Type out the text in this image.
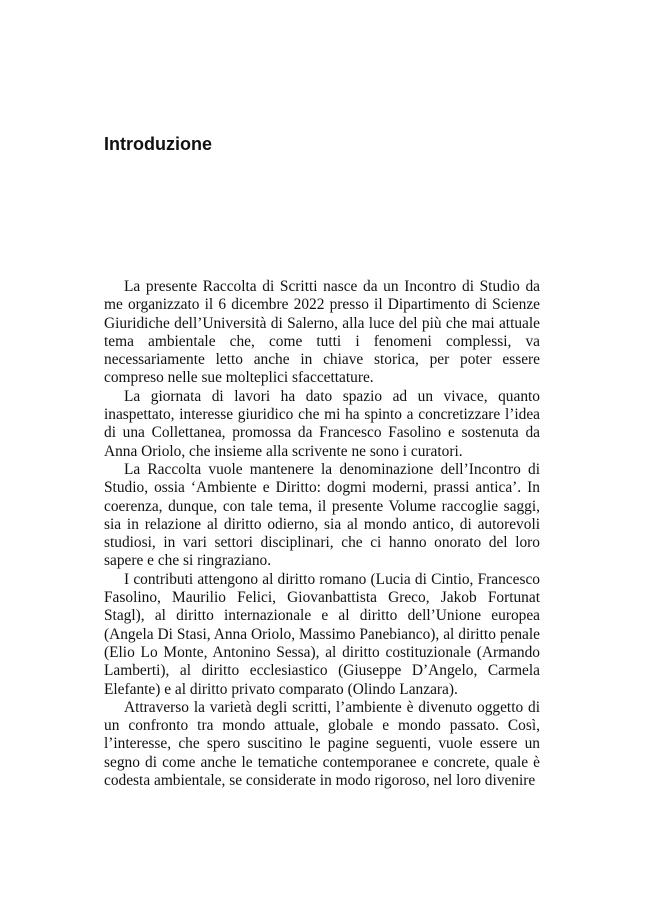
Introduzione

La presente Raccolta di Scritti nasce da un Incontro di Studio da me organizzato il 6 dicembre 2022 presso il Dipartimento di Scienze Giuridiche dell’Università di Salerno, alla luce del più che mai attuale tema ambientale che, come tutti i fenomeni complessi, va necessariamente letto anche in chiave storica, per poter essere compreso nelle sue molteplici sfaccettature.

La giornata di lavori ha dato spazio ad un vivace, quanto inaspettato, interesse giuridico che mi ha spinto a concretizzare l’idea di una Collettanea, promossa da Francesco Fasolino e sostenuta da Anna Oriolo, che insieme alla scrivente ne sono i curatori.

La Raccolta vuole mantenere la denominazione dell’Incontro di Studio, ossia ‘Ambiente e Diritto: dogmi moderni, prassi antica’. In coerenza, dunque, con tale tema, il presente Volume raccoglie saggi, sia in relazione al diritto odierno, sia al mondo antico, di autorevoli studiosi, in vari settori disciplinari, che ci hanno onorato del loro sapere e che si ringraziano.

I contributi attengono al diritto romano (Lucia di Cintio, Francesco Fasolino, Maurilio Felici, Giovanbattista Greco, Jakob Fortunat Stagl), al diritto internazionale e al diritto dell’Unione europea (Angela Di Stasi, Anna Oriolo, Massimo Panebianco), al diritto penale (Elio Lo Monte, Antonino Sessa), al diritto costituzionale (Armando Lamberti), al diritto ecclesiastico (Giuseppe D’Angelo, Carmela Elefante) e al diritto privato comparato (Olindo Lanzara).

Attraverso la varietà degli scritti, l’ambiente è divenuto oggetto di un confronto tra mondo attuale, globale e mondo passato. Così, l’interesse, che spero suscitino le pagine seguenti, vuole essere un segno di come anche le tematiche contemporanee e concrete, quale è codesta ambientale, se considerate in modo rigoroso, nel loro divenire
